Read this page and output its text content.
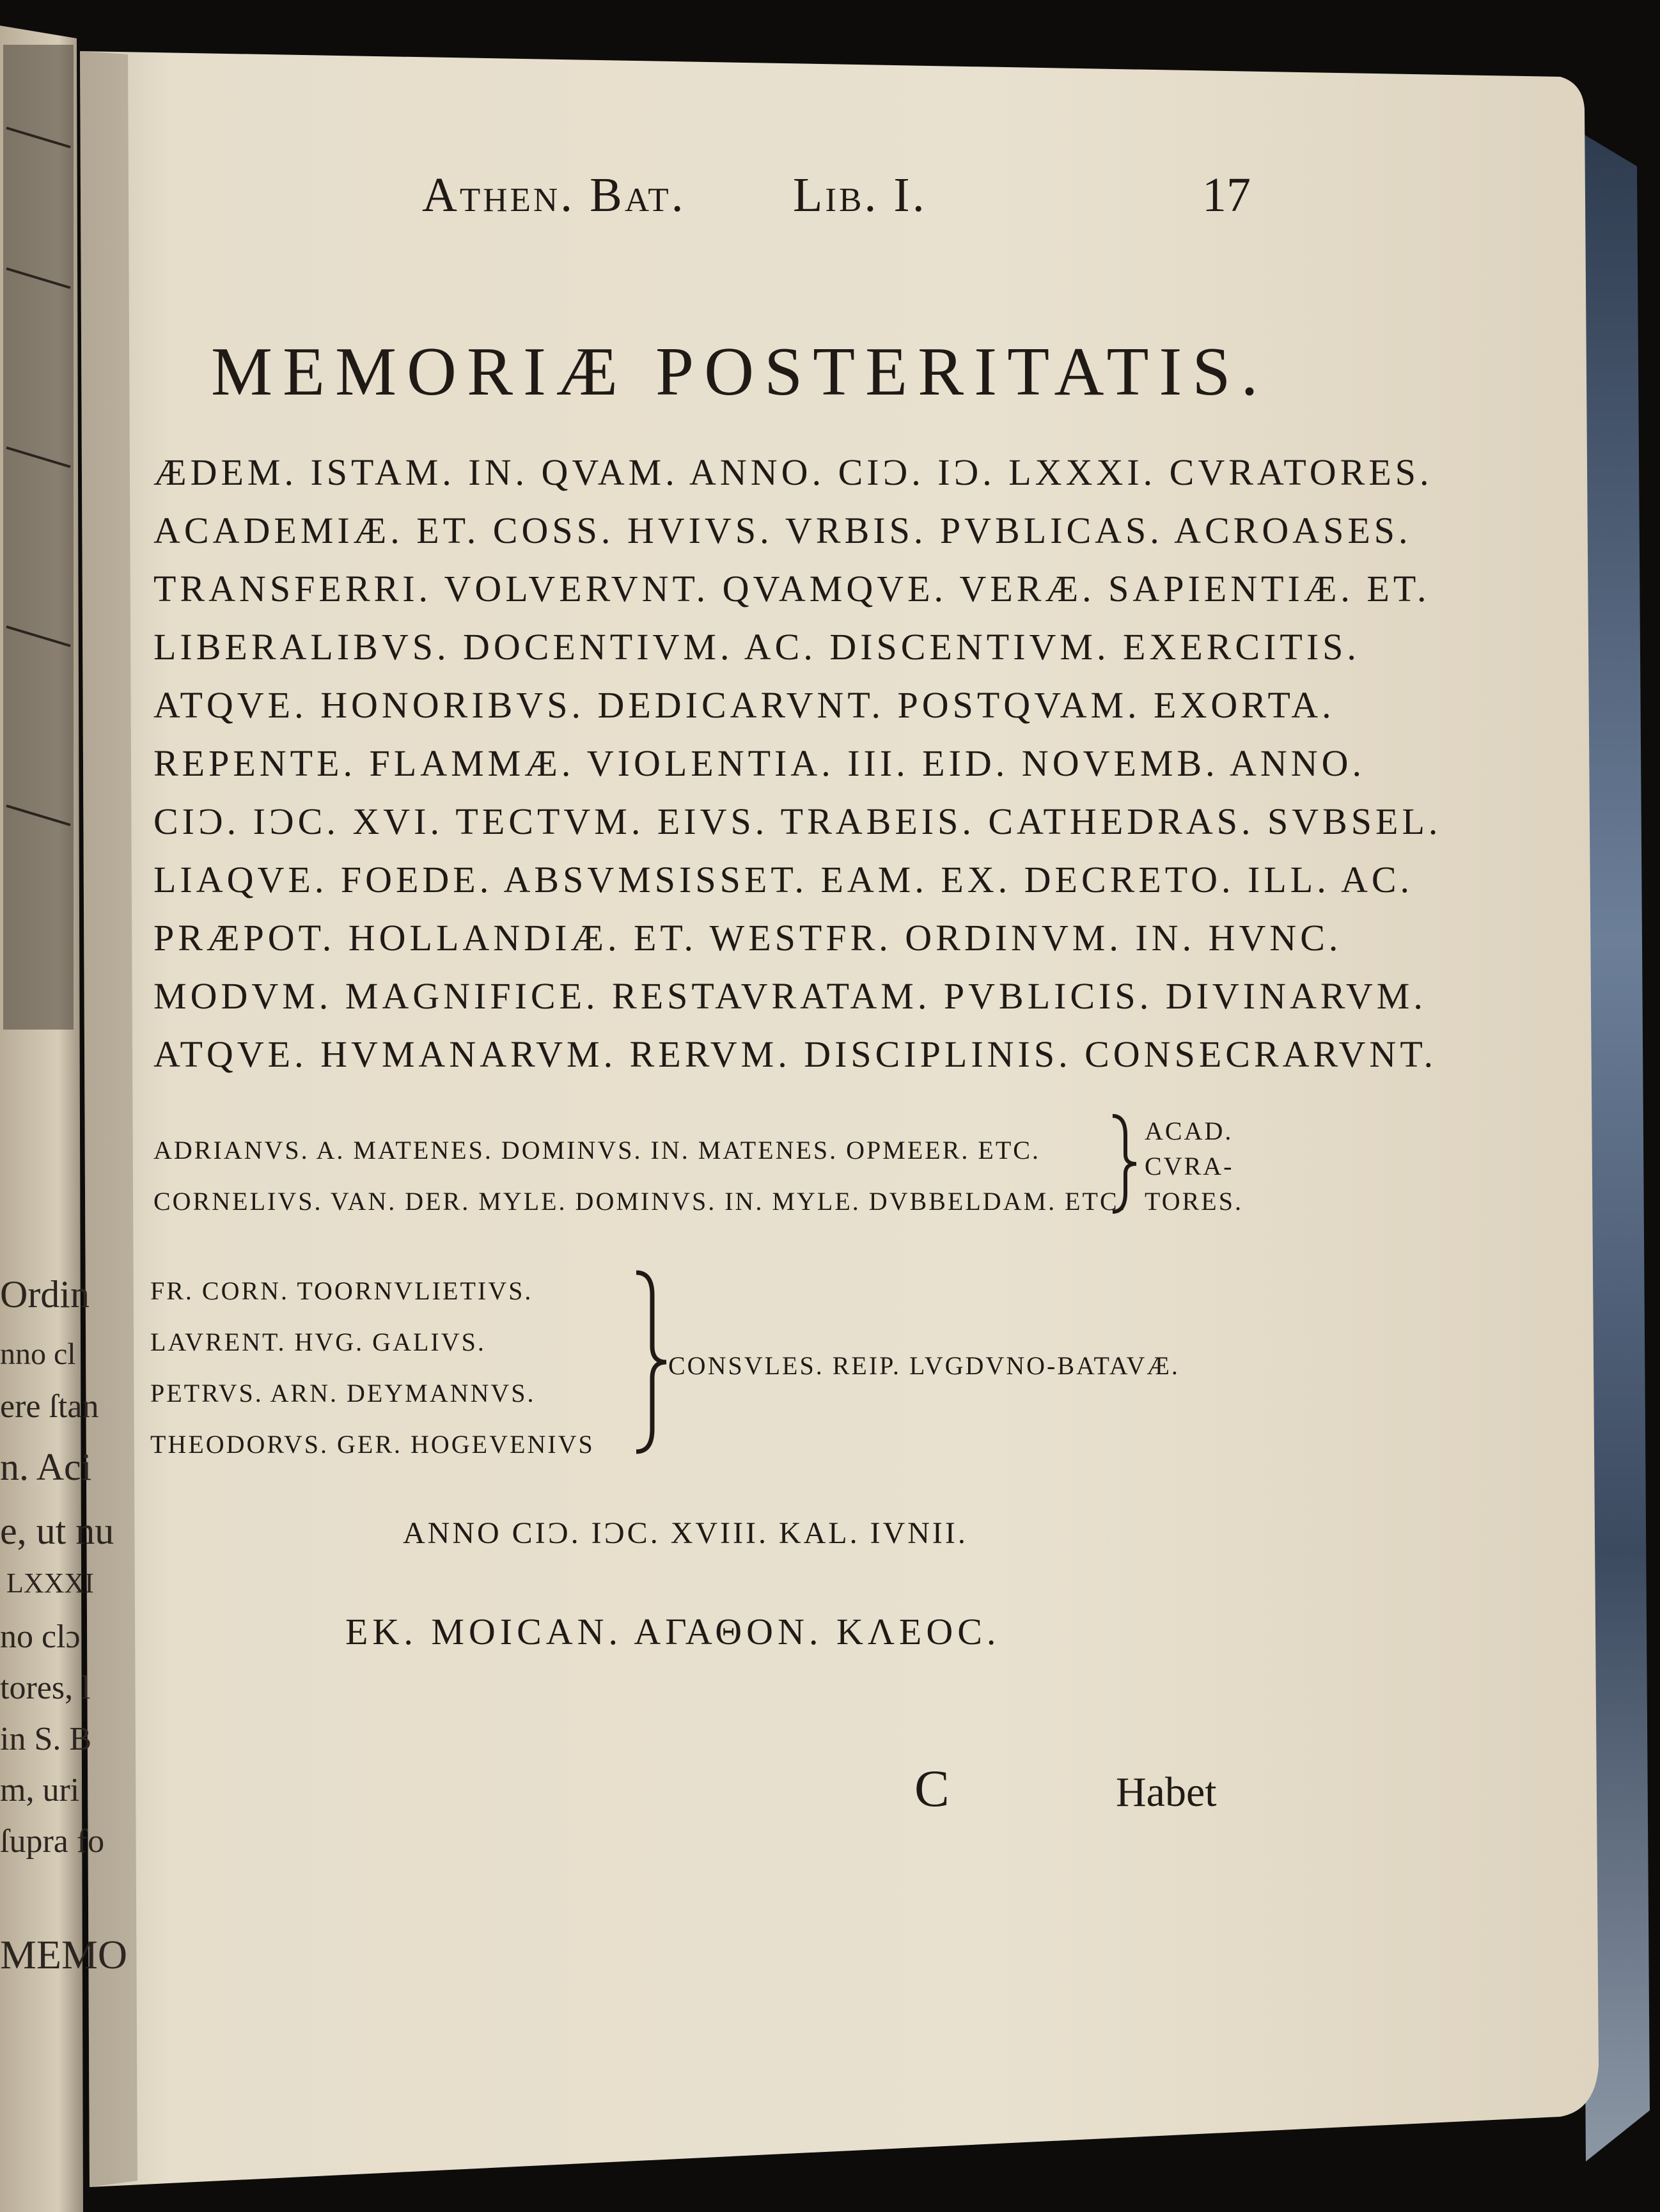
Ordin
nno cl
ere ſtan
n. Aci
e, ut nu
LXXXI
no clɔ
tores, l
in S. B
m, uri
ſupra fo
MEMO
Athen. Bat. Lib. I.	17
MEMORIÆ POSTERITATIS.
ÆDEM. ISTAM. IN. QVAM. ANNO. CIƆ. IƆ. LXXXI. CVRATORES.
ACADEMIÆ. ET. COSS. HVIVS. VRBIS. PVBLICAS. ACROASES.
TRANSFERRI. VOLVERVNT. QVAMQVE. VERÆ. SAPIENTIÆ. ET.
LIBERALIBVS. DOCENTIVM. AC. DISCENTIVM. EXERCITIS.
ATQVE. HONORIBVS. DEDICARVNT. POSTQVAM. EXORTA.
REPENTE. FLAMMÆ. VIOLENTIA. III. EID. NOVEMB. ANNO.
CIƆ. IƆC. XVI. TECTVM. EIVS. TRABEIS. CATHEDRAS. SVBSEL.
LIAQVE. FOEDE. ABSVMSISSET. EAM. EX. DECRETO. ILL. AC.
PRÆPOT. HOLLANDIÆ. ET. WESTFR. ORDINVM. IN. HVNC.
MODVM. MAGNIFICE. RESTAVRATAM. PVBLICIS. DIVINARVM.
ATQVE. HVMANARVM. RERVM. DISCIPLINIS. CONSECRARVNT.
ADRIANVS. A. MATENES. DOMINVS. IN. MATENES. OPMEER. ETC.
CORNELIVS. VAN. DER. MYLE. DOMINVS. IN. MYLE. DVBBELDAM. ETC.
ACAD.
CVRA-
TORES.
FR. CORN. TOORNVLIETIVS.
LAVRENT. HVG. GALIVS.
PETRVS. ARN. DEYMANNVS.
THEODORVS. GER. HOGEVENIVS
CONSVLES. REIP. LVGDVNO-BATAVÆ.
ANNO CIƆ. IƆC. XVIII. KAL. IVNII.
ΕΚ. ΜΟΙCΑΝ. ΑΓΑΘΟΝ. ΚΛΕΟC.
C	Habet
